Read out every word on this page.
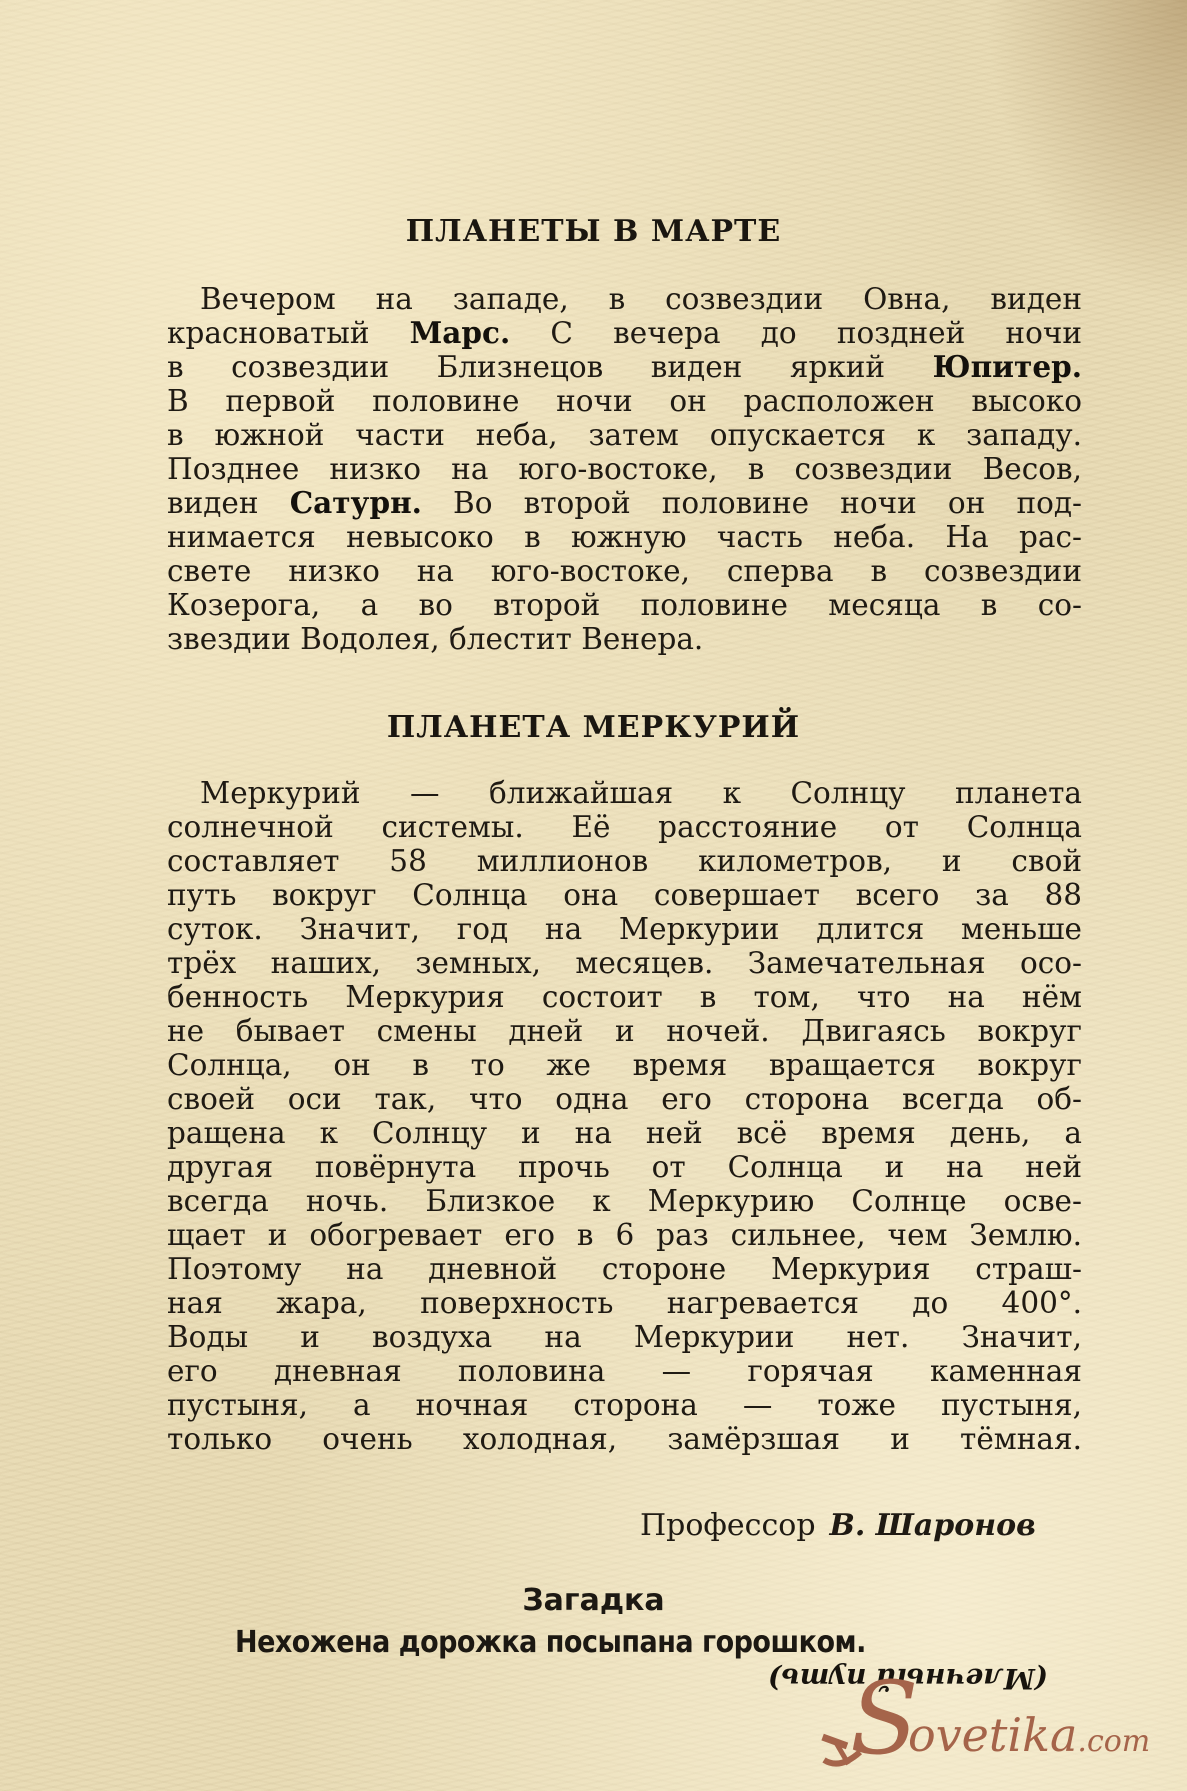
ПЛАНЕТЫ В МАРТЕ
Вечером на западе, в созвездии Овна, виден
красноватый Марс. С вечера до поздней ночи
в созвездии Близнецов виден яркий Юпитер.
В первой половине ночи он расположен высоко
в южной части неба, затем опускается к западу.
Позднее низко на юго-востоке, в созвездии Весов,
виден Сатурн. Во второй половине ночи он под-
нимается невысоко в южную часть неба. На рас-
свете низко на юго-востоке, сперва в созвездии
Козерога, а во второй половине месяца в со-
звездии Водолея, блестит Венера.
ПЛАНЕТА МЕРКУРИЙ
Меркурий — ближайшая к Солнцу планета
солнечной системы. Её расстояние от Солнца
составляет 58 миллионов километров, и свой
путь вокруг Солнца она совершает всего за 88
суток. Значит, год на Меркурии длится меньше
трёх наших, земных, месяцев. Замечательная осо-
бенность Меркурия состоит в том, что на нём
не бывает смены дней и ночей. Двигаясь вокруг
Солнца, он в то же время вращается вокруг
своей оси так, что одна его сторона всегда об-
ращена к Солнцу и на ней всё время день, а
другая повёрнута прочь от Солнца и на ней
всегда ночь. Близкое к Меркурию Солнце осве-
щает и обогревает его в 6 раз сильнее, чем Землю.
Поэтому на дневной стороне Меркурия страш-
ная жара, поверхность нагревается до 400°.
Воды и воздуха на Меркурии нет. Значит,
его дневная половина — горячая каменная
пустыня, а ночная сторона — тоже пустыня,
только очень холодная, замёрзшая и тёмная.
Профессор В. Шаронов
Загадка
Нехожена дорожка посыпана горошком.
(Млечный путь)
S
ovetika.com
